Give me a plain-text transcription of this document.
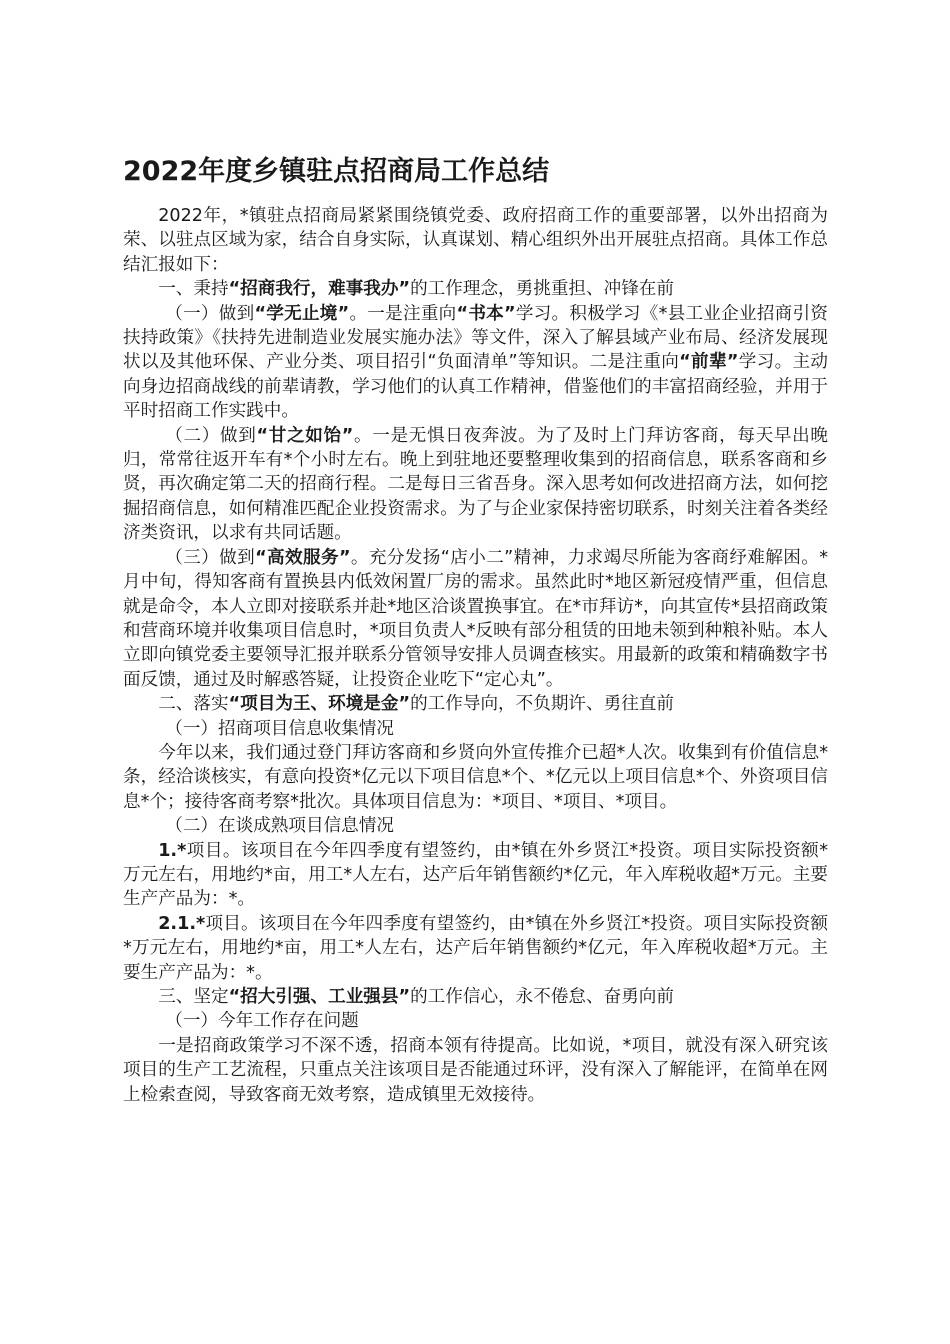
2022年度乡镇驻点招商局工作总结

2022年，*镇驻点招商局紧紧围绕镇党委、政府招商工作的重要部署，以外出招商为荣、以驻点区域为家，结合自身实际，认真谋划、精心组织外出开展驻点招商。具体工作总结汇报如下：

一、秉持“招商我行，难事我办”的工作理念，勇挑重担、冲锋在前

（一）做到“学无止境”。一是注重向“书本”学习。积极学习《*县工业企业招商引资扶持政策》《扶持先进制造业发展实施办法》等文件，深入了解县域产业布局、经济发展现状以及其他环保、产业分类、项目招引“负面清单”等知识。二是注重向“前辈”学习。主动向身边招商战线的前辈请教，学习他们的认真工作精神，借鉴他们的丰富招商经验，并用于平时招商工作实践中。

（二）做到“甘之如饴”。一是无惧日夜奔波。为了及时上门拜访客商，每天早出晚归，常常往返开车有*个小时左右。晚上到驻地还要整理收集到的招商信息，联系客商和乡贤，再次确定第二天的招商行程。二是每日三省吾身。深入思考如何改进招商方法，如何挖掘招商信息，如何精准匹配企业投资需求。为了与企业家保持密切联系，时刻关注着各类经济类资讯，以求有共同话题。

（三）做到“高效服务”。充分发扬“店小二”精神，力求竭尽所能为客商纾难解困。*月中旬，得知客商有置换县内低效闲置厂房的需求。虽然此时*地区新冠疫情严重，但信息就是命令，本人立即对接联系并赴*地区洽谈置换事宜。在*市拜访*，向其宣传*县招商政策和营商环境并收集项目信息时，*项目负责人*反映有部分租赁的田地未领到种粮补贴。本人立即向镇党委主要领导汇报并联系分管领导安排人员调查核实。用最新的政策和精确数字书面反馈，通过及时解惑答疑，让投资企业吃下“定心丸”。

二、落实“项目为王、环境是金”的工作导向，不负期许、勇往直前

（一）招商项目信息收集情况

今年以来，我们通过登门拜访客商和乡贤向外宣传推介已超*人次。收集到有价值信息*条，经洽谈核实，有意向投资*亿元以下项目信息*个、*亿元以上项目信息*个、外资项目信息*个；接待客商考察*批次。具体项目信息为：*项目、*项目、*项目。

（二）在谈成熟项目信息情况

1.*项目。该项目在今年四季度有望签约，由*镇在外乡贤江*投资。项目实际投资额*万元左右，用地约*亩，用工*人左右，达产后年销售额约*亿元，年入库税收超*万元。主要生产产品为：*。

2.1.*项目。该项目在今年四季度有望签约，由*镇在外乡贤江*投资。项目实际投资额*万元左右，用地约*亩，用工*人左右，达产后年销售额约*亿元，年入库税收超*万元。主要生产产品为：*。

三、坚定“招大引强、工业强县”的工作信心，永不倦怠、奋勇向前

（一）今年工作存在问题

一是招商政策学习不深不透，招商本领有待提高。比如说，*项目，就没有深入研究该项目的生产工艺流程，只重点关注该项目是否能通过环评，没有深入了解能评，在简单在网上检索查阅，导致客商无效考察，造成镇里无效接待。
